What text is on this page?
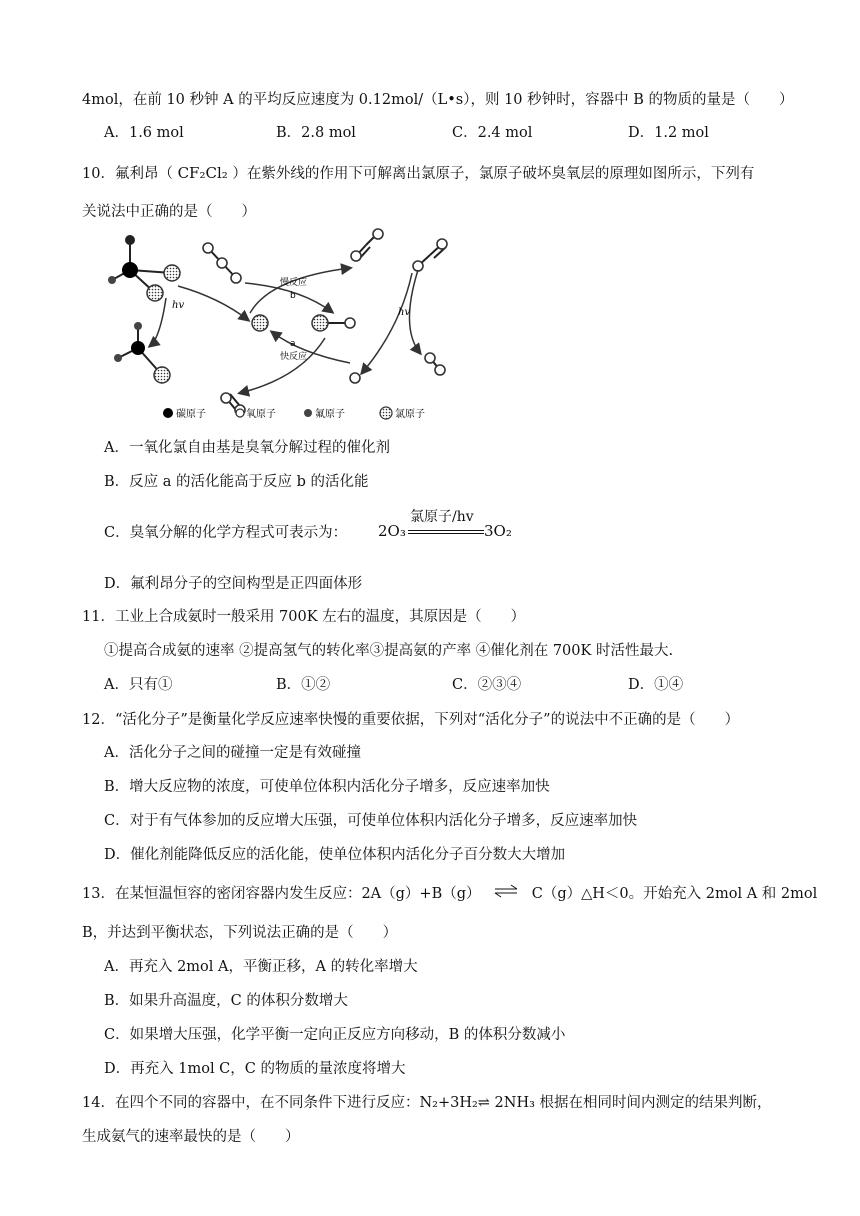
4mol，在前 10 秒钟 A 的平均反应速度为 0.12mol/（L•s），则 10 秒钟时，容器中 B 的物质的量是（　　）
A．1.6 mol	B．2.8 mol	C．2.4 mol	D．1.2 mol
10．氟利昂（ CF₂Cl₂ ）在紫外线的作用下可解离出氯原子，氯原子破坏臭氧层的原理如图所示，下列有
关说法中正确的是（　　）
慢反应
b
a
快反应
hv
hv
碳原子	氧原子	氟原子	氯原子
A．一氧化氯自由基是臭氧分解过程的催化剂
B．反应 a 的活化能高于反应 b 的活化能
C．臭氧分解的化学方程式可表示为： 2O₃
氯原子/hv
3O₂
D．氟利昂分子的空间构型是正四面体形
11．工业上合成氨时一般采用 700K 左右的温度，其原因是（　　）
①提高合成氨的速率 ②提高氢气的转化率③提高氨的产率 ④催化剂在 700K 时活性最大.
A．只有①	B．①②	C．②③④	D．①④
12．“活化分子”是衡量化学反应速率快慢的重要依据，下列对“活化分子”的说法中不正确的是（　　）
A．活化分子之间的碰撞一定是有效碰撞
B．增大反应物的浓度，可使单位体积内活化分子增多，反应速率加快
C．对于有气体参加的反应增大压强，可使单位体积内活化分子增多，反应速率加快
D．催化剂能降低反应的活化能，使单位体积内活化分子百分数大大增加
13．在某恒温恒容的密闭容器内发生反应：2A（g）+B（g） ⇌ C（g）△H＜0。开始充入 2mol A 和 2mol
B，并达到平衡状态，下列说法正确的是（　　）
A．再充入 2mol A，平衡正移，A 的转化率增大
B．如果升高温度，C 的体积分数增大
C．如果增大压强，化学平衡一定向正反应方向移动，B 的体积分数减小
D．再充入 1mol C，C 的物质的量浓度将增大
14．在四个不同的容器中，在不同条件下进行反应：N₂+3H₂⇌ 2NH₃ 根据在相同时间内测定的结果判断，
生成氨气的速率最快的是（　　）
